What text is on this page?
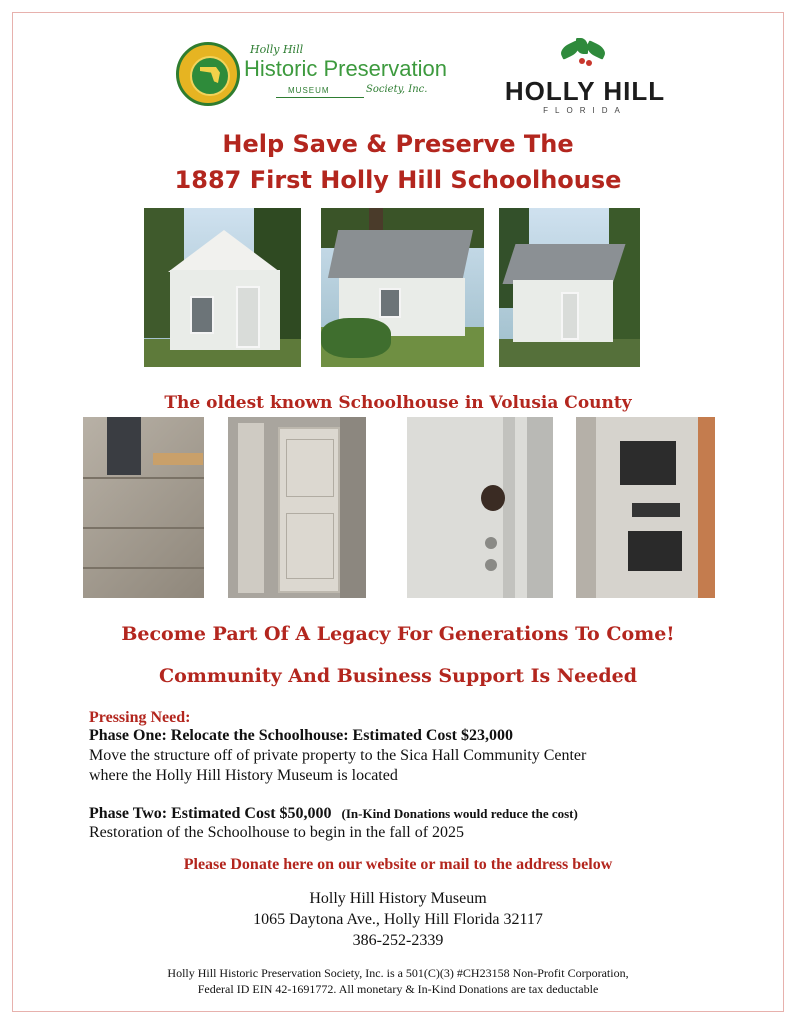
Holly Hill
Historic Preservation
MUSEUM	Society, Inc.	HOLLY HILL
FLORIDA
Help Save & Preserve The
1887 First Holly Hill Schoolhouse
The oldest known Schoolhouse in Volusia County
Become Part Of A Legacy For Generations To Come!
Community And Business Support Is Needed
Pressing Need:
Phase One: Relocate the Schoolhouse: Estimated Cost $23,000
Move the structure off of private property to the Sica Hall Community Center
where the Holly Hill History Museum is located
Phase Two: Estimated Cost $50,000 (In-Kind Donations would reduce the cost)
Restoration of the Schoolhouse to begin in the fall of 2025
Please Donate here on our website or mail to the address below
Holly Hill History Museum
1065 Daytona Ave., Holly Hill Florida 32117
386-252-2339
Holly Hill Historic Preservation Society, Inc. is a 501(C)(3) #CH23158 Non-Profit Corporation,
Federal ID EIN 42-1691772. All monetary & In-Kind Donations are tax deductable
